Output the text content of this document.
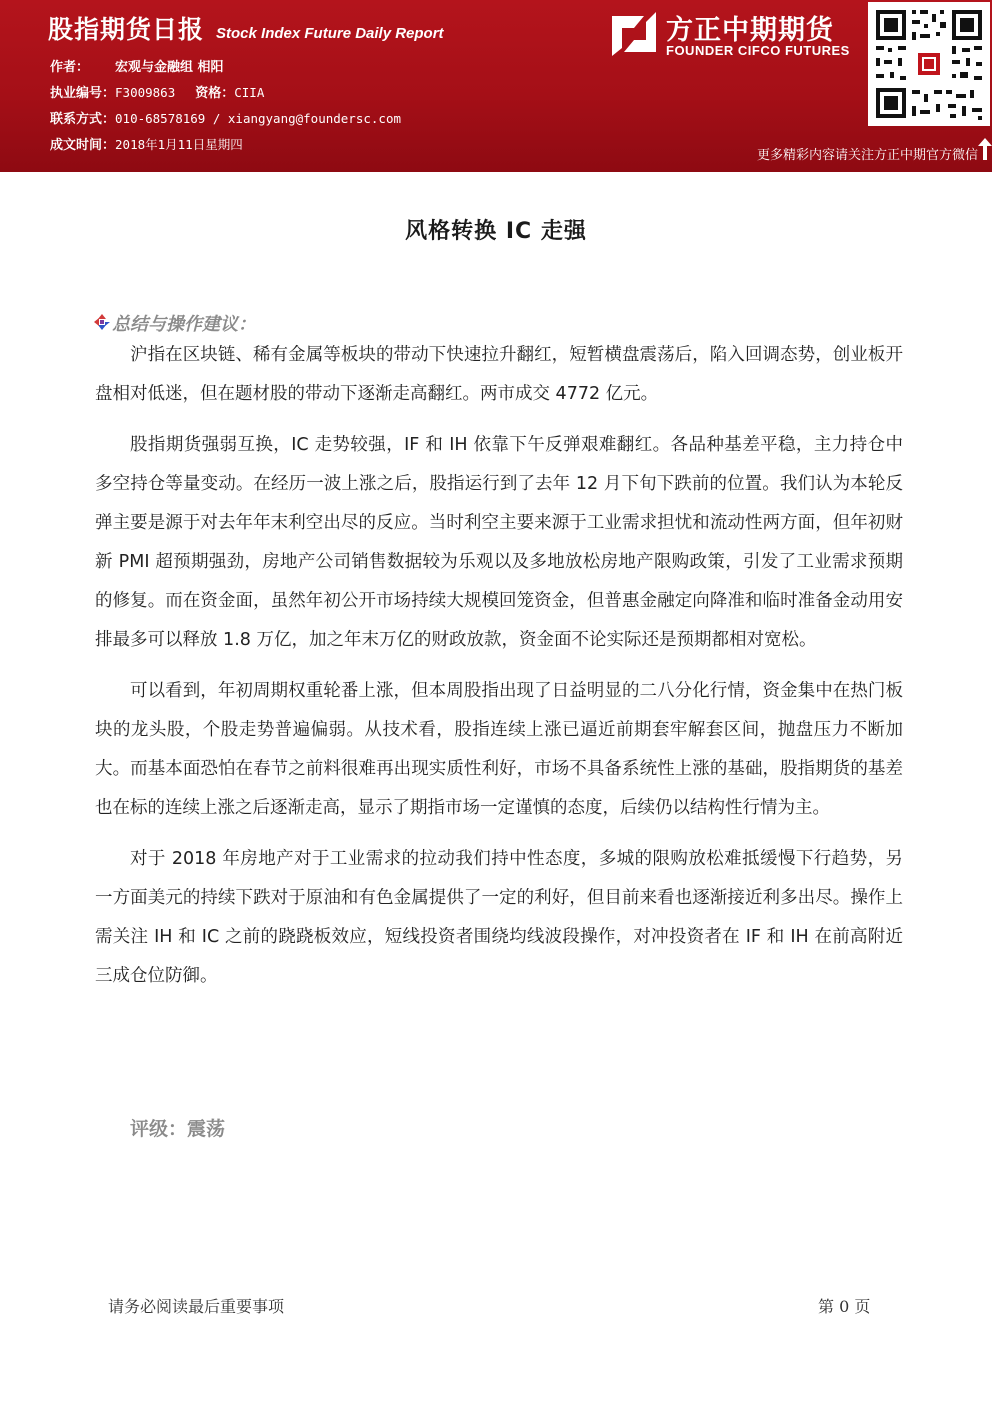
股指期货日报 Stock Index Future Daily Report
作者： 宏观与金融组 相阳
执业编号：F3009863 资格：CIIA
联系方式：010-68578169 / xiangyang@foundersc.com
成文时间：2018年1月11日星期四
方正中期期货
FOUNDER CIFCO FUTURES
更多精彩内容请关注方正中期官方微信
风格转换 IC 走强
总结与操作建议：

沪指在区块链、稀有金属等板块的带动下快速拉升翻红，短暂横盘震荡后，陷入回调态势，创业板开盘相对低迷，但在题材股的带动下逐渐走高翻红。两市成交 4772 亿元。

股指期货强弱互换，IC 走势较强，IF 和 IH 依靠下午反弹艰难翻红。各品种基差平稳，主力持仓中多空持仓等量变动。在经历一波上涨之后，股指运行到了去年 12 月下旬下跌前的位置。我们认为本轮反弹主要是源于对去年年末利空出尽的反应。当时利空主要来源于工业需求担忧和流动性两方面，但年初财新 PMI 超预期强劲，房地产公司销售数据较为乐观以及多地放松房地产限购政策，引发了工业需求预期的修复。而在资金面，虽然年初公开市场持续大规模回笼资金，但普惠金融定向降准和临时准备金动用安排最多可以释放 1.8 万亿，加之年末万亿的财政放款，资金面不论实际还是预期都相对宽松。

可以看到，年初周期权重轮番上涨，但本周股指出现了日益明显的二八分化行情，资金集中在热门板块的龙头股，个股走势普遍偏弱。从技术看，股指连续上涨已逼近前期套牢解套区间，抛盘压力不断加大。而基本面恐怕在春节之前料很难再出现实质性利好，市场不具备系统性上涨的基础，股指期货的基差也在标的连续上涨之后逐渐走高，显示了期指市场一定谨慎的态度，后续仍以结构性行情为主。

对于 2018 年房地产对于工业需求的拉动我们持中性态度，多城的限购放松难抵缓慢下行趋势，另一方面美元的持续下跌对于原油和有色金属提供了一定的利好，但目前来看也逐渐接近利多出尽。操作上需关注 IH 和 IC 之前的跷跷板效应，短线投资者围绕均线波段操作，对冲投资者在 IF 和 IH 在前高附近三成仓位防御。

评级：震荡
请务必阅读最后重要事项	第 0 页
